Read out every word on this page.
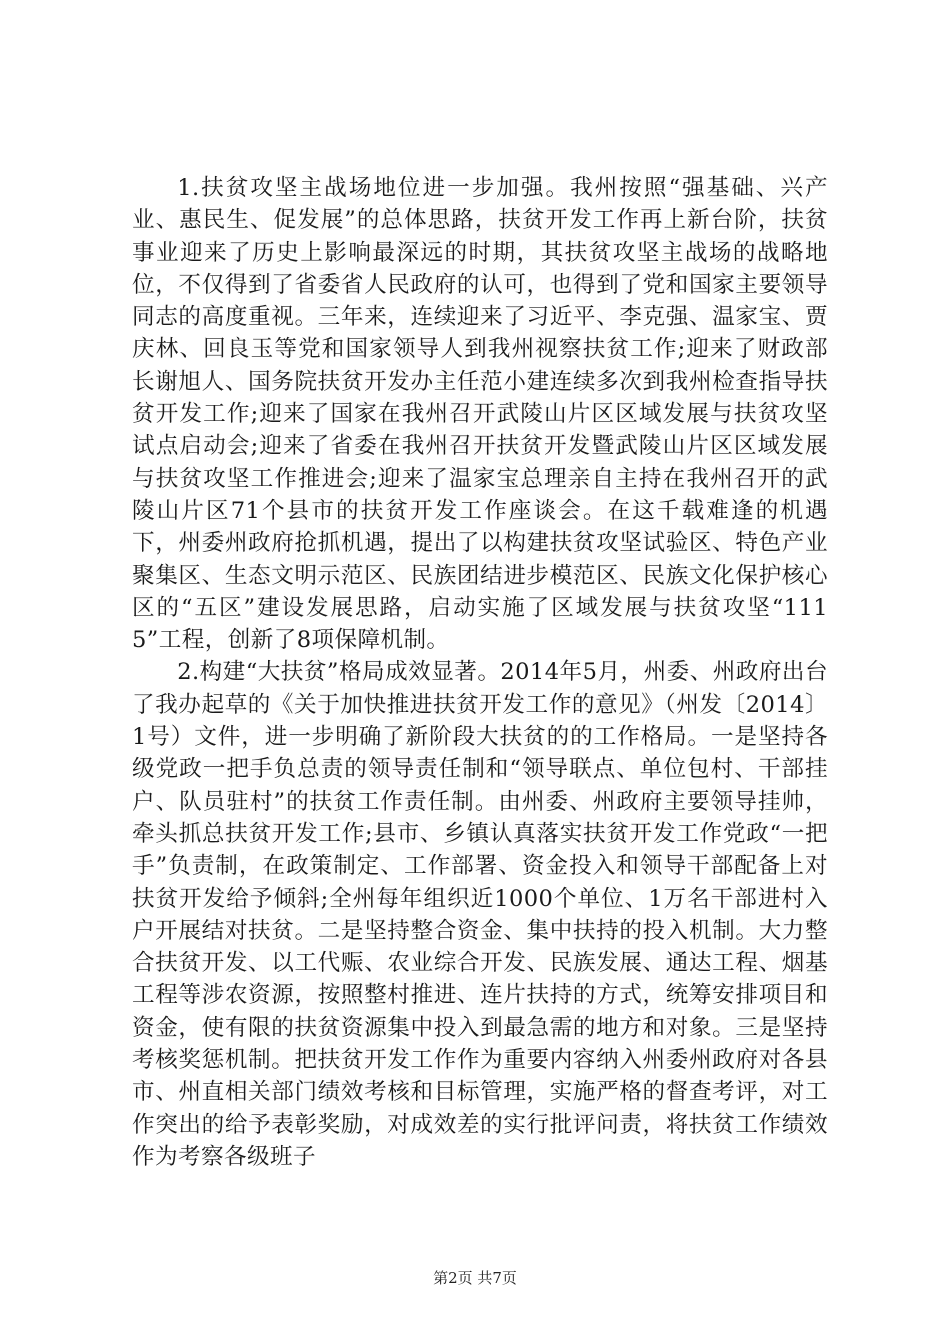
1.扶贫攻坚主战场地位进一步加强。我州按照“强基础、兴产业、惠民生、促发展”的总体思路，扶贫开发工作再上新台阶，扶贫事业迎来了历史上影响最深远的时期，其扶贫攻坚主战场的战略地位，不仅得到了省委省人民政府的认可，也得到了党和国家主要领导同志的高度重视。三年来，连续迎来了习近平、李克强、温家宝、贾庆林、回良玉等党和国家领导人到我州视察扶贫工作;迎来了财政部长谢旭人、国务院扶贫开发办主任范小建连续多次到我州检查指导扶贫开发工作;迎来了国家在我州召开武陵山片区区域发展与扶贫攻坚试点启动会;迎来了省委在我州召开扶贫开发暨武陵山片区区域发展与扶贫攻坚工作推进会;迎来了温家宝总理亲自主持在我州召开的武陵山片区71个县市的扶贫开发工作座谈会。在这千载难逢的机遇下，州委州政府抢抓机遇，提出了以构建扶贫攻坚试验区、特色产业聚集区、生态文明示范区、民族团结进步模范区、民族文化保护核心区的“五区”建设发展思路，启动实施了区域发展与扶贫攻坚“1115”工程，创新了8项保障机制。

2.构建“大扶贫”格局成效显著。2014年5月，州委、州政府出台了我办起草的《关于加快推进扶贫开发工作的意见》（州发〔2014〕1号）文件，进一步明确了新阶段大扶贫的的工作格局。一是坚持各级党政一把手负总责的领导责任制和“领导联点、单位包村、干部挂户、队员驻村”的扶贫工作责任制。由州委、州政府主要领导挂帅，牵头抓总扶贫开发工作;县市、乡镇认真落实扶贫开发工作党政“一把手”负责制，在政策制定、工作部署、资金投入和领导干部配备上对扶贫开发给予倾斜;全州每年组织近1000个单位、1万名干部进村入户开展结对扶贫。二是坚持整合资金、集中扶持的投入机制。大力整合扶贫开发、以工代赈、农业综合开发、民族发展、通达工程、烟基工程等涉农资源，按照整村推进、连片扶持的方式，统筹安排项目和资金，使有限的扶贫资源集中投入到最急需的地方和对象。三是坚持考核奖惩机制。把扶贫开发工作作为重要内容纳入州委州政府对各县市、州直相关部门绩效考核和目标管理，实施严格的督查考评，对工作突出的给予表彰奖励，对成效差的实行批评问责，将扶贫工作绩效作为考察各级班子

第2页 共7页
